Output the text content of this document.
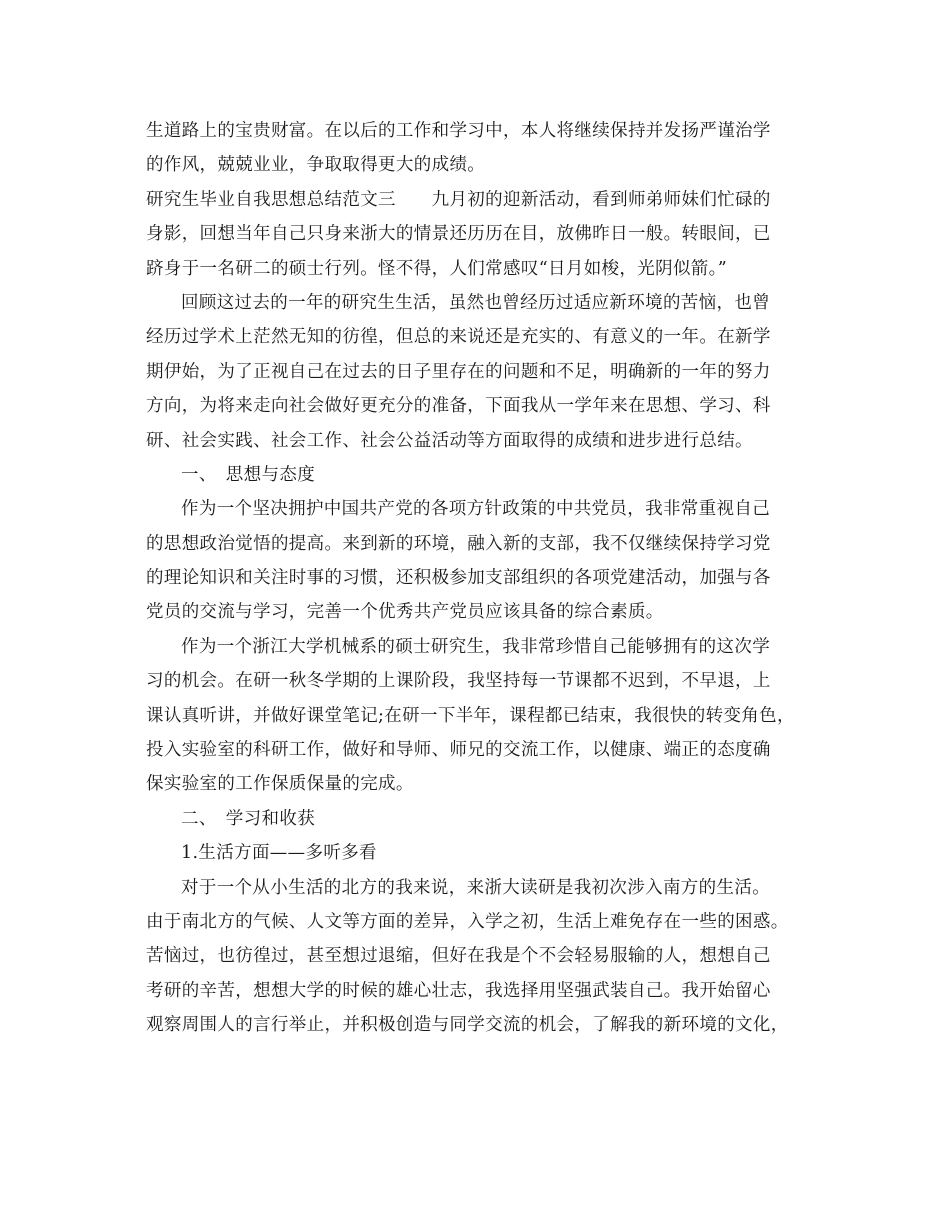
生道路上的宝贵财富。在以后的工作和学习中，本人将继续保持并发扬严谨治学
的作风，兢兢业业，争取取得更大的成绩。
研究生毕业自我思想总结范文三　　九月初的迎新活动，看到师弟师妹们忙碌的
身影，回想当年自己只身来浙大的情景还历历在目，放佛昨日一般。转眼间，已
跻身于一名研二的硕士行列。怪不得，人们常感叹“日月如梭，光阴似箭。”
回顾这过去的一年的研究生生活，虽然也曾经历过适应新环境的苦恼，也曾
经历过学术上茫然无知的彷徨，但总的来说还是充实的、有意义的一年。在新学
期伊始，为了正视自己在过去的日子里存在的问题和不足，明确新的一年的努力
方向，为将来走向社会做好更充分的准备，下面我从一学年来在思想、学习、科
研、社会实践、社会工作、社会公益活动等方面取得的成绩和进步进行总结。
一、　思想与态度
作为一个坚决拥护中国共产党的各项方针政策的中共党员，我非常重视自己
的思想政治觉悟的提高。来到新的环境，融入新的支部，我不仅继续保持学习党
的理论知识和关注时事的习惯，还积极参加支部组织的各项党建活动，加强与各
党员的交流与学习，完善一个优秀共产党员应该具备的综合素质。
作为一个浙江大学机械系的硕士研究生，我非常珍惜自己能够拥有的这次学
习的机会。在研一秋冬学期的上课阶段，我坚持每一节课都不迟到，不早退，上
课认真听讲，并做好课堂笔记;在研一下半年，课程都已结束，我很快的转变角色，
投入实验室的科研工作，做好和导师、师兄的交流工作，以健康、端正的态度确
保实验室的工作保质保量的完成。
二、　学习和收获
1.生活方面——多听多看
对于一个从小生活的北方的我来说，来浙大读研是我初次涉入南方的生活。
由于南北方的气候、人文等方面的差异，入学之初，生活上难免存在一些的困惑。
苦恼过，也彷徨过，甚至想过退缩，但好在我是个不会轻易服输的人，想想自己
考研的辛苦，想想大学的时候的雄心壮志，我选择用坚强武装自己。我开始留心
观察周围人的言行举止，并积极创造与同学交流的机会，了解我的新环境的文化，
